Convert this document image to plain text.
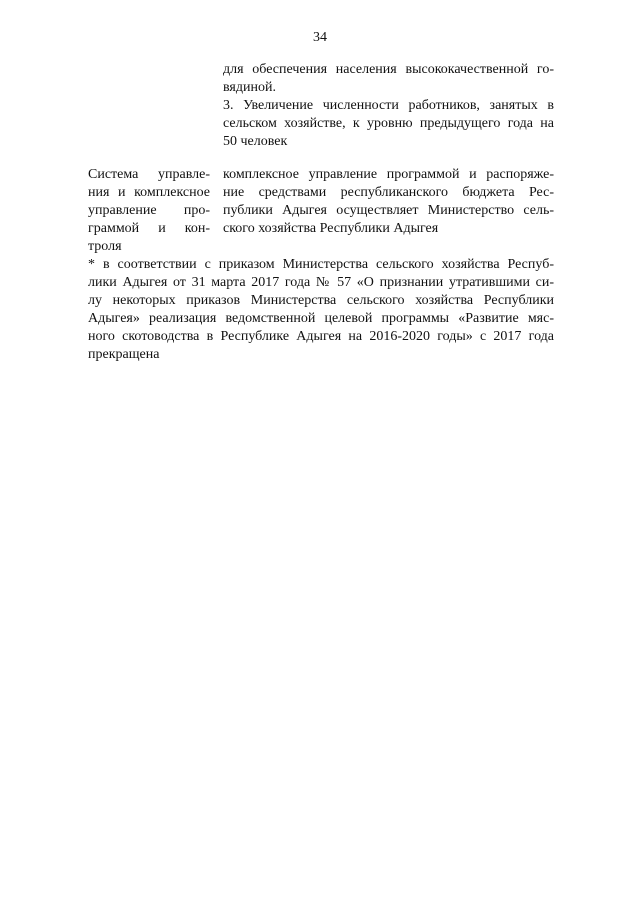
34
для обеспечения населения высококачественной го-
вядиной.
3. Увеличение численности работников, занятых в
сельском хозяйстве, к уровню предыдущего года на
50 человек
Система управле-
ния и комплексное
управление про-
граммой и кон-
троля
комплексное управление программой и распоряже-
ние средствами республиканского бюджета Рес-
публики Адыгея осуществляет Министерство сель-
ского хозяйства Республики Адыгея
* в соответствии с приказом Министерства сельского хозяйства Респуб-
лики Адыгея от 31 марта 2017 года № 57 «О признании утратившими си-
лу некоторых приказов Министерства сельского хозяйства Республики
Адыгея» реализация ведомственной целевой программы «Развитие мяс-
ного скотоводства в Республике Адыгея на 2016-2020 годы» с 2017 года
прекращена
